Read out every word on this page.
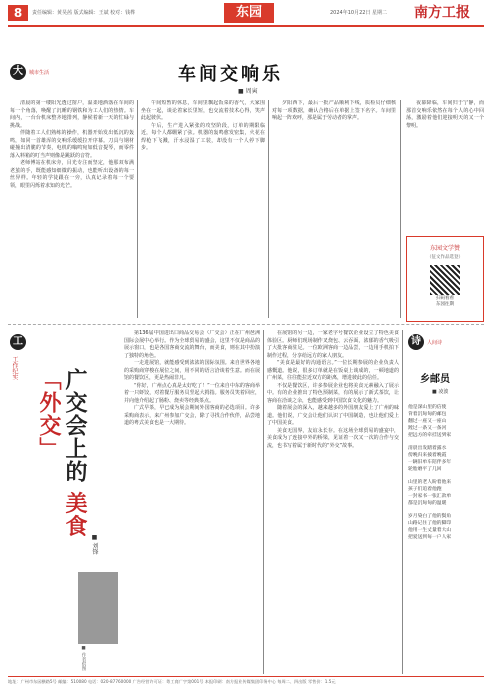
8	责任编辑：黄昊茜 版式编辑：王斌 校对：钱桦	东园	2024年10月22日 星期二	南方工报
大	城市生活	车间交响乐
■ 周寅

清晨的第一缕阳光透过窗户，温柔地洒落在车间的每一个角落，唤醒了沉睡的钢铁和为工人们的热情。车间内，一台台机床整齐地排列，静候着新一天的忙碌与挑战。

伴随着工人们熟练的操作，机器开始发出低沉的轰鸣，如同一首雄浑的交响乐缓缓拉开序幕。刀具与钢材碰撞出清脆的节奏，电机的嗡鸣宛如低音提琴，而零件落入料箱的叮当声则像是跳跃的音符。

老师傅站在机床旁，目光专注而坚定，他那双布满老茧的手，既能感知细微的振动，也能听出设备的每一丝异样。年轻的学徒跟在一旁，认真记录着每一个要领，眼里闪烁着求知的光芒。

午间短暂的休息，车间里飘起饭菜的香气，大家围坐在一起，谈论着家长里短，也交流着技术心得，笑声此起彼伏。

午后，生产进入紧张的攻坚阶段，订单的期限临近，每个人都绷紧了弦。机器的轰鸣愈发密集，火花在焊枪下飞溅，汗水浸湿了工装，却没有一个人停下脚步。

夕阳西下，最后一批产品顺利下线，质检员仔细核对每一项数据，确认合格后在单据上签下名字。车间里响起一阵欢呼，那是属于劳动者的掌声。

夜幕降临，车间归于宁静，而那首交响乐依然在每个人的心中回荡，激励着他们迎接明天的又一个黎明。

东园文学赞
（征文作品选登）
扫码看看
东园往期
工
工作纪实	广交会上的 美食「外交」
■ 刘锋
■ 作者供图

第136届中国进出口商品交易会（广交会）正在广州琶洲国际会展中心举行。作为全球贸易的盛会，这里不仅是商品的展示窗口，也是各国客商交流的舞台，而美食，则在其中扮演了独特的角色。

一走进展馆，就能感受到浓浓的国际氛围。来自世界各地的采购商穿梭在展位之间，用不同的语言洽谈着生意。而在展馆的餐饮区，更是热闹非凡。

“你好，广州点心真是太好吃了！”一位来自中东的客商举着一只虾饺，对着餐厅服务员竖起大拇指。服务员笑着回应，并向他介绍起了肠粉、烧卖等经典茶点。

广式早茶，早已成为展会期间外国客商的必选项目。许多采购商表示，来广州参加广交会，除了寻找合作伙伴，品尝地道的粤式美食也是一大期待。

在展馆的另一边，一家老字号餐饮企业设立了特色美食体验区。厨师们现场制作叉烧包、云吞面，浓郁的香气吸引了大批客商驻足。一位欧洲客商一边品尝，一边用手机拍下制作过程，分享给远方的家人朋友。

“美食是最好的沟通语言。”一位长期参展的企业负责人感慨道。他说，很多订单就是在饭桌上谈成的，一顿地道的广州菜，往往能拉近双方的距离，增进彼此的信任。

不仅是餐饮区，许多参展企业也将美食元素融入了展示中。有的企业推出了特色预制菜，有的展示了新式茶饮，让客商在洽谈之余，也能感受到中国饮食文化的魅力。

随着展会的深入，越来越多的外国朋友爱上了广州的味道。他们说，广交会让他们认识了中国制造，也让他们爱上了中国美食。

美食无国界，友谊永长存。在这场全球贸易的盛宴中，美食成为了连接中外的桥梁，见证着一次又一次的合作与交流，也书写着属于新时代的“外交”故事。

诗	人间诗
乡邮员
■ 凌波
他是深山里的信使
背着沉甸甸的邮包
翻过一座又一座山
蹚过一条又一条河
把远方的牵挂送到家
清晨出发踏着露水
傍晚归来披着晚霞
一辆旧单车陪伴多年
轮胎磨平了几回
山里的老人盼着他来
孩子们追着他跑
一封家书一张汇款单
都是沉甸甸的温暖
岁月染白了他的鬓角
山路记住了他的脚印
他用一生丈量着大山
把爱送到每一户人家
地址：广州市东园横路5号 邮编：510080 电话：020-87760000 广告经营许可证：粤工商广字第001号 本报印刷：南方报业传媒集团印务中心 每周二、四出版 零售价：1.5元
